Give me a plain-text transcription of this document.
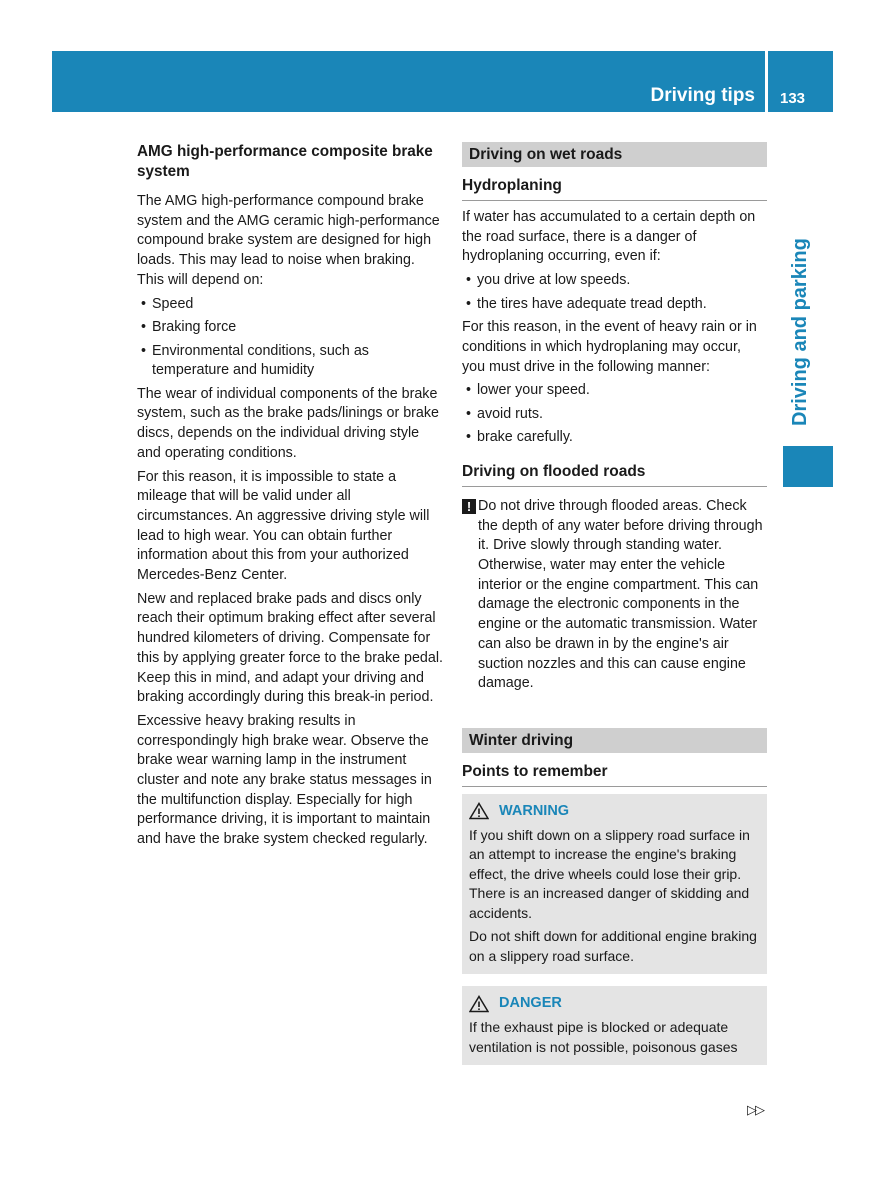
Driving tips 133
Driving and parking
AMG high-performance composite brake system

The AMG high-performance compound brake system and the AMG ceramic high-performance compound brake system are designed for high loads. This may lead to noise when braking. This will depend on:

• Speed
• Braking force
• Environmental conditions, such as temperature and humidity

The wear of individual components of the brake system, such as the brake pads/linings or brake discs, depends on the individual driving style and operating conditions.

For this reason, it is impossible to state a mileage that will be valid under all circumstances. An aggressive driving style will lead to high wear. You can obtain further information about this from your authorized Mercedes-Benz Center.

New and replaced brake pads and discs only reach their optimum braking effect after several hundred kilometers of driving. Compensate for this by applying greater force to the brake pedal. Keep this in mind, and adapt your driving and braking accordingly during this break-in period.

Excessive heavy braking results in correspondingly high brake wear. Observe the brake wear warning lamp in the instrument cluster and note any brake status messages in the multifunction display. Especially for high performance driving, it is important to maintain and have the brake system checked regularly.

Driving on wet roads
Hydroplaning

If water has accumulated to a certain depth on the road surface, there is a danger of hydroplaning occurring, even if:

• you drive at low speeds.
• the tires have adequate tread depth.

For this reason, in the event of heavy rain or in conditions in which hydroplaning may occur, you must drive in the following manner:

• lower your speed.
• avoid ruts.
• brake carefully.
Driving on flooded roads
! Do not drive through flooded areas. Check the depth of any water before driving through it. Drive slowly through standing water. Otherwise, water may enter the vehicle interior or the engine compartment. This can damage the electronic components in the engine or the automatic transmission. Water can also be drawn in by the engine's air suction nozzles and this can cause engine damage.
Winter driving
Points to remember
WARNING

If you shift down on a slippery road surface in an attempt to increase the engine's braking effect, the drive wheels could lose their grip. There is an increased danger of skidding and accidents.

Do not shift down for additional engine braking on a slippery road surface.

DANGER

If the exhaust pipe is blocked or adequate ventilation is not possible, poisonous gases

▷▷
